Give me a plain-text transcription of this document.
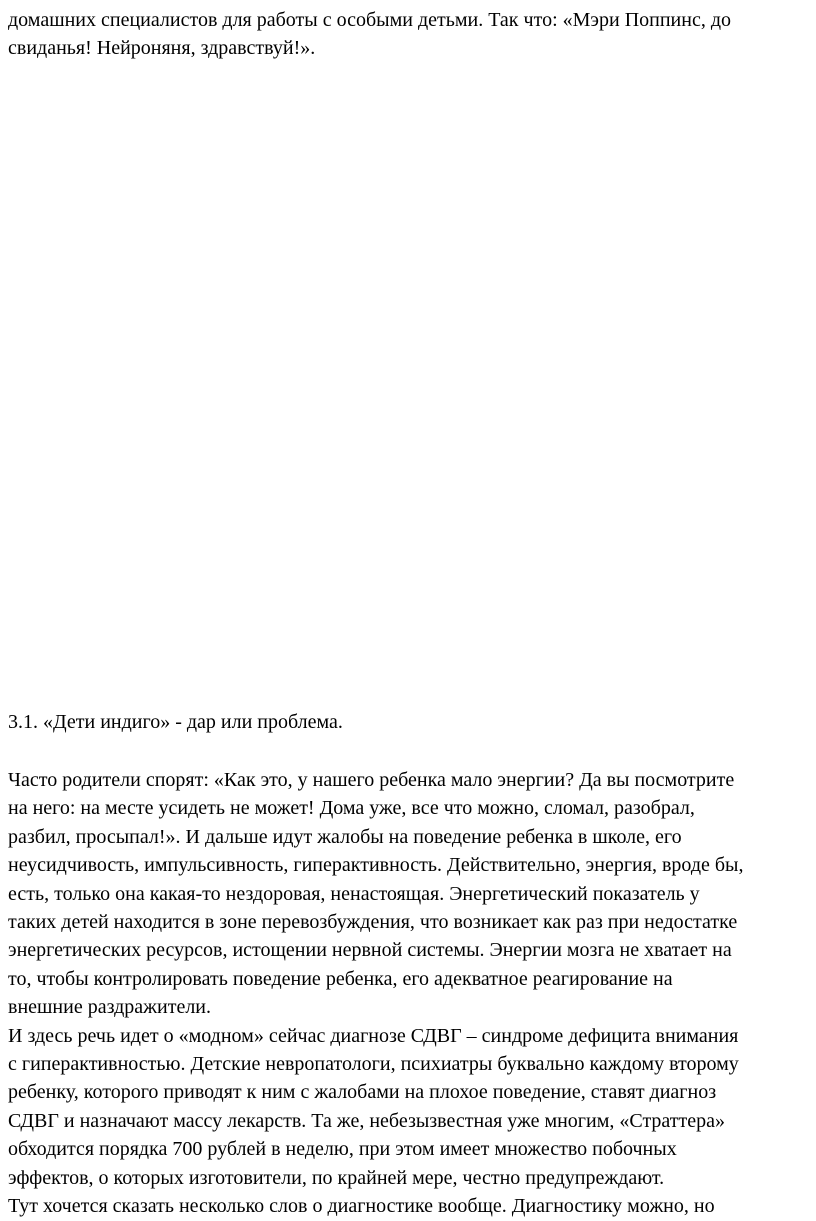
домашних специалистов для работы с особыми детьми. Так что: «Мэри Поппинс, до

свиданья! Нейроняня, здравствуй!».

3.1. «Дети индиго» - дар или проблема.

Часто родители спорят: «Как это, у нашего ребенка мало энергии? Да вы посмотрите

на него: на месте усидеть не может! Дома уже, все что можно, сломал, разобрал,

разбил, просыпал!». И дальше идут жалобы на поведение ребенка в школе, его

неусидчивость, импульсивность, гиперактивность. Действительно, энергия, вроде бы,

есть, только она какая-то нездоровая, ненастоящая. Энергетический показатель у

таких детей находится в зоне перевозбуждения, что возникает как раз при недостатке

энергетических ресурсов, истощении нервной системы. Энергии мозга не хватает на

то, чтобы контролировать поведение ребенка, его адекватное реагирование на

внешние раздражители.

И здесь речь идет о «модном» сейчас диагнозе СДВГ – синдроме дефицита внимания

с гиперактивностью. Детские невропатологи, психиатры буквально каждому второму

ребенку, которого приводят к ним с жалобами на плохое поведение, ставят диагноз

СДВГ и назначают массу лекарств. Та же, небезызвестная уже многим, «Страттера»

обходится порядка 700 рублей в неделю, при этом имеет множество побочных

эффектов, о которых изготовители, по крайней мере, честно предупреждают.

Тут хочется сказать несколько слов о диагностике вообще. Диагностику можно, но
